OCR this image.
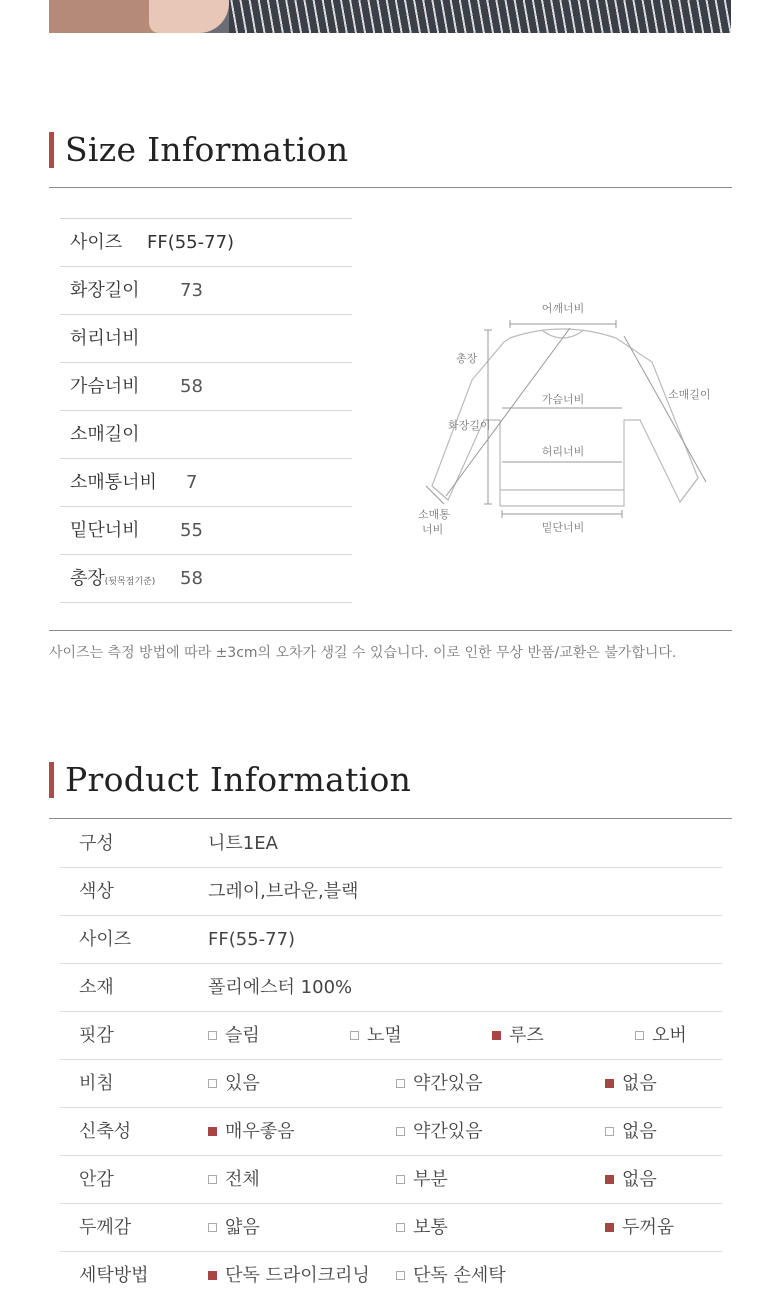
Size Information
사이즈 FF(55-77)
화장길이 73
허리너비
가슴너비 58
소매길이
소매통너비 7
밑단너비 55
총장(뒷목점기준) 58
어깨너비
총장
소매길이
가슴너비
화장길이
허리너비
소매통
너비	밑단너비
사이즈는 측정 방법에 따라 ±3cm의 오차가 생길 수 있습니다. 이로 인한 무상 반품/교환은 불가합니다.
Product Information
구성	니트1EA
색상	그레이,브라운,블랙
사이즈	FF(55-77)
소재	폴리에스터 100%
핏감	슬림	노멀	루즈	오버
비침	있음	약간있음	없음
신축성	매우좋음	약간있음	없음
안감	전체	부분	없음
두께감	얇음	보통	두꺼움
세탁방법	단독 드라이크리닝	단독 손세탁
